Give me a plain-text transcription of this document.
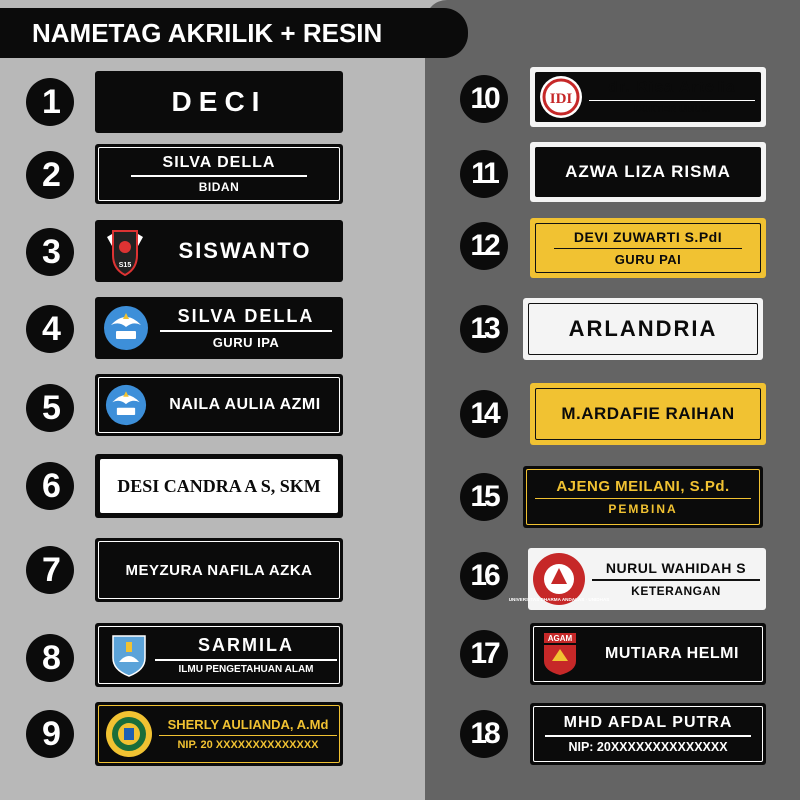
NAMETAG AKRILIK + RESIN
1	DECI
2	SILVA DELLA
BIDAN
3	S15
SISWANTO
4	SILVA DELLA
GURU IPA
5	NAILA AULIA AZMI
6	DESI CANDRA A S, SKM
7	MEYZURA NAFILA AZKA
8	SARMILA
ILMU PENGETAHUAN ALAM
9	SHERLY AULIANDA, A.Md
NIP. 20 XXXXXXXXXXXXXX
10	IDI
dr. Risa Artelia
DOKTER UMUM
11	AZWA LIZA RISMA
12	DEVI ZUWARTI S.PdI
GURU PAI
13	ARLANDRIA
14	M.ARDAFIE RAIHAN
15	AJENG MEILANI, S.Pd.
PEMBINA
16
UNIVERSITAS DHARMA ANDALAS · UNIDHAS
NURUL WAHIDAH S
KETERANGAN
17	AGAM
MUTIARA HELMI
18	MHD AFDAL PUTRA
NIP: 20XXXXXXXXXXXXXX
